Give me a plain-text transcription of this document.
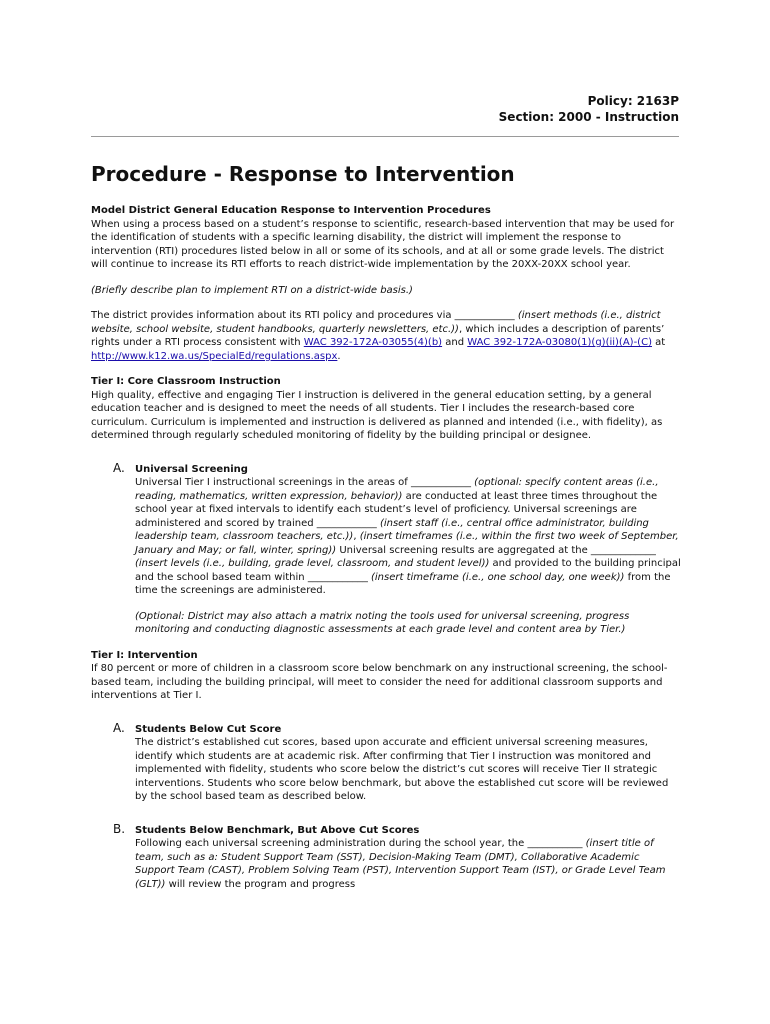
Policy: 2163P
Section: 2000 - Instruction
Procedure - Response to Intervention

Model District General Education Response to Intervention Procedures

When using a process based on a student’s response to scientific, research-based intervention that may be used for the identification of students with a specific learning disability, the district will implement the response to intervention (RTI) procedures listed below in all or some of its schools, and at all or some grade levels. The district will continue to increase its RTI efforts to reach district-wide implementation by the 20XX-20XX school year.

(Briefly describe plan to implement RTI on a district-wide basis.)

The district provides information about its RTI policy and procedures via ____________ (insert methods (i.e., district website, school website, student handbooks, quarterly newsletters, etc.)), which includes a description of parents’ rights under a RTI process consistent with WAC 392-172A-03055(4)(b) and WAC 392-172A-03080(1)(g)(ii)(A)-(C) at http://www.k12.wa.us/SpecialEd/regulations.aspx.

Tier I: Core Classroom Instruction

High quality, effective and engaging Tier I instruction is delivered in the general education setting, by a general education teacher and is designed to meet the needs of all students. Tier I includes the research-based core curriculum. Curriculum is implemented and instruction is delivered as planned and intended (i.e., with fidelity), as determined through regularly scheduled monitoring of fidelity by the building principal or designee.

A. Universal Screening

Universal Tier I instructional screenings in the areas of ____________ (optional: specify content areas (i.e., reading, mathematics, written expression, behavior)) are conducted at least three times throughout the school year at fixed intervals to identify each student’s level of proficiency. Universal screenings are administered and scored by trained ____________ (insert staff (i.e., central office administrator, building leadership team, classroom teachers, etc.)), (insert timeframes (i.e., within the first two week of September, January and May; or fall, winter, spring)) Universal screening results are aggregated at the _____________ (insert levels (i.e., building, grade level, classroom, and student level)) and provided to the building principal and the school based team within ____________ (insert timeframe (i.e., one school day, one week)) from the time the screenings are administered.

(Optional: District may also attach a matrix noting the tools used for universal screening, progress monitoring and conducting diagnostic assessments at each grade level and content area by Tier.)

Tier I: Intervention

If 80 percent or more of children in a classroom score below benchmark on any instructional screening, the school-based team, including the building principal, will meet to consider the need for additional classroom supports and interventions at Tier I.

A. Students Below Cut Score

The district’s established cut scores, based upon accurate and efficient universal screening measures, identify which students are at academic risk. After confirming that Tier I instruction was monitored and implemented with fidelity, students who score below the district’s cut scores will receive Tier II strategic interventions. Students who score below benchmark, but above the established cut score will be reviewed by the school based team as described below.

B. Students Below Benchmark, But Above Cut Scores

Following each universal screening administration during the school year, the ___________ (insert title of team, such as a: Student Support Team (SST), Decision-Making Team (DMT), Collaborative Academic Support Team (CAST), Problem Solving Team (PST), Intervention Support Team (IST), or Grade Level Team (GLT)) will review the program and progress
